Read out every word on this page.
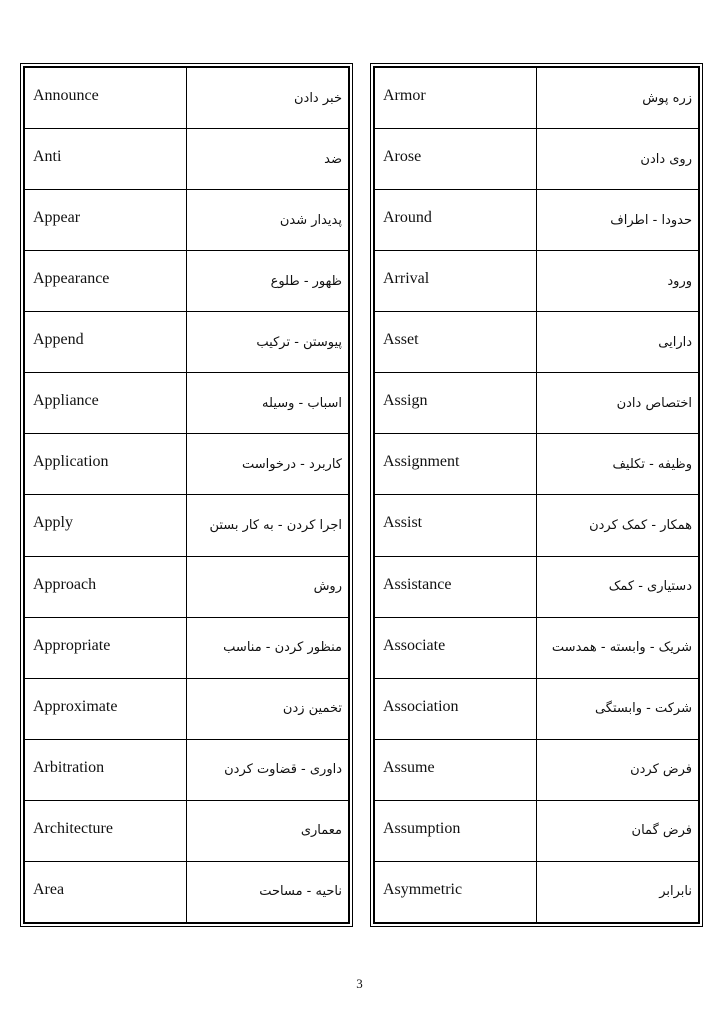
Announce	خبر دادن
Anti	ضد
Appear	پدیدار شدن
Appearance	ظهور - طلوع
Append	پیوستن - ترکیب
Appliance	اسباب - وسیله
Application	کاربرد - درخواست
Apply	اجرا کردن - به کار بستن
Approach	روش
Appropriate	منظور کردن - مناسب
Approximate	تخمین زدن
Arbitration	داوری - قضاوت کردن
Architecture	معماری
Area	ناحیه - مساحت
Armor	زره پوش
Arose	روی دادن
Around	حدودا - اطراف
Arrival	ورود
Asset	دارایی
Assign	اختصاص دادن
Assignment	وظیفه - تکلیف
Assist	همکار - کمک کردن
Assistance	دستیاری - کمک
Associate	شریک - وابسته - همدست
Association	شرکت - وابستگی
Assume	فرض کردن
Assumption	فرض گمان
Asymmetric	نابرابر
3
